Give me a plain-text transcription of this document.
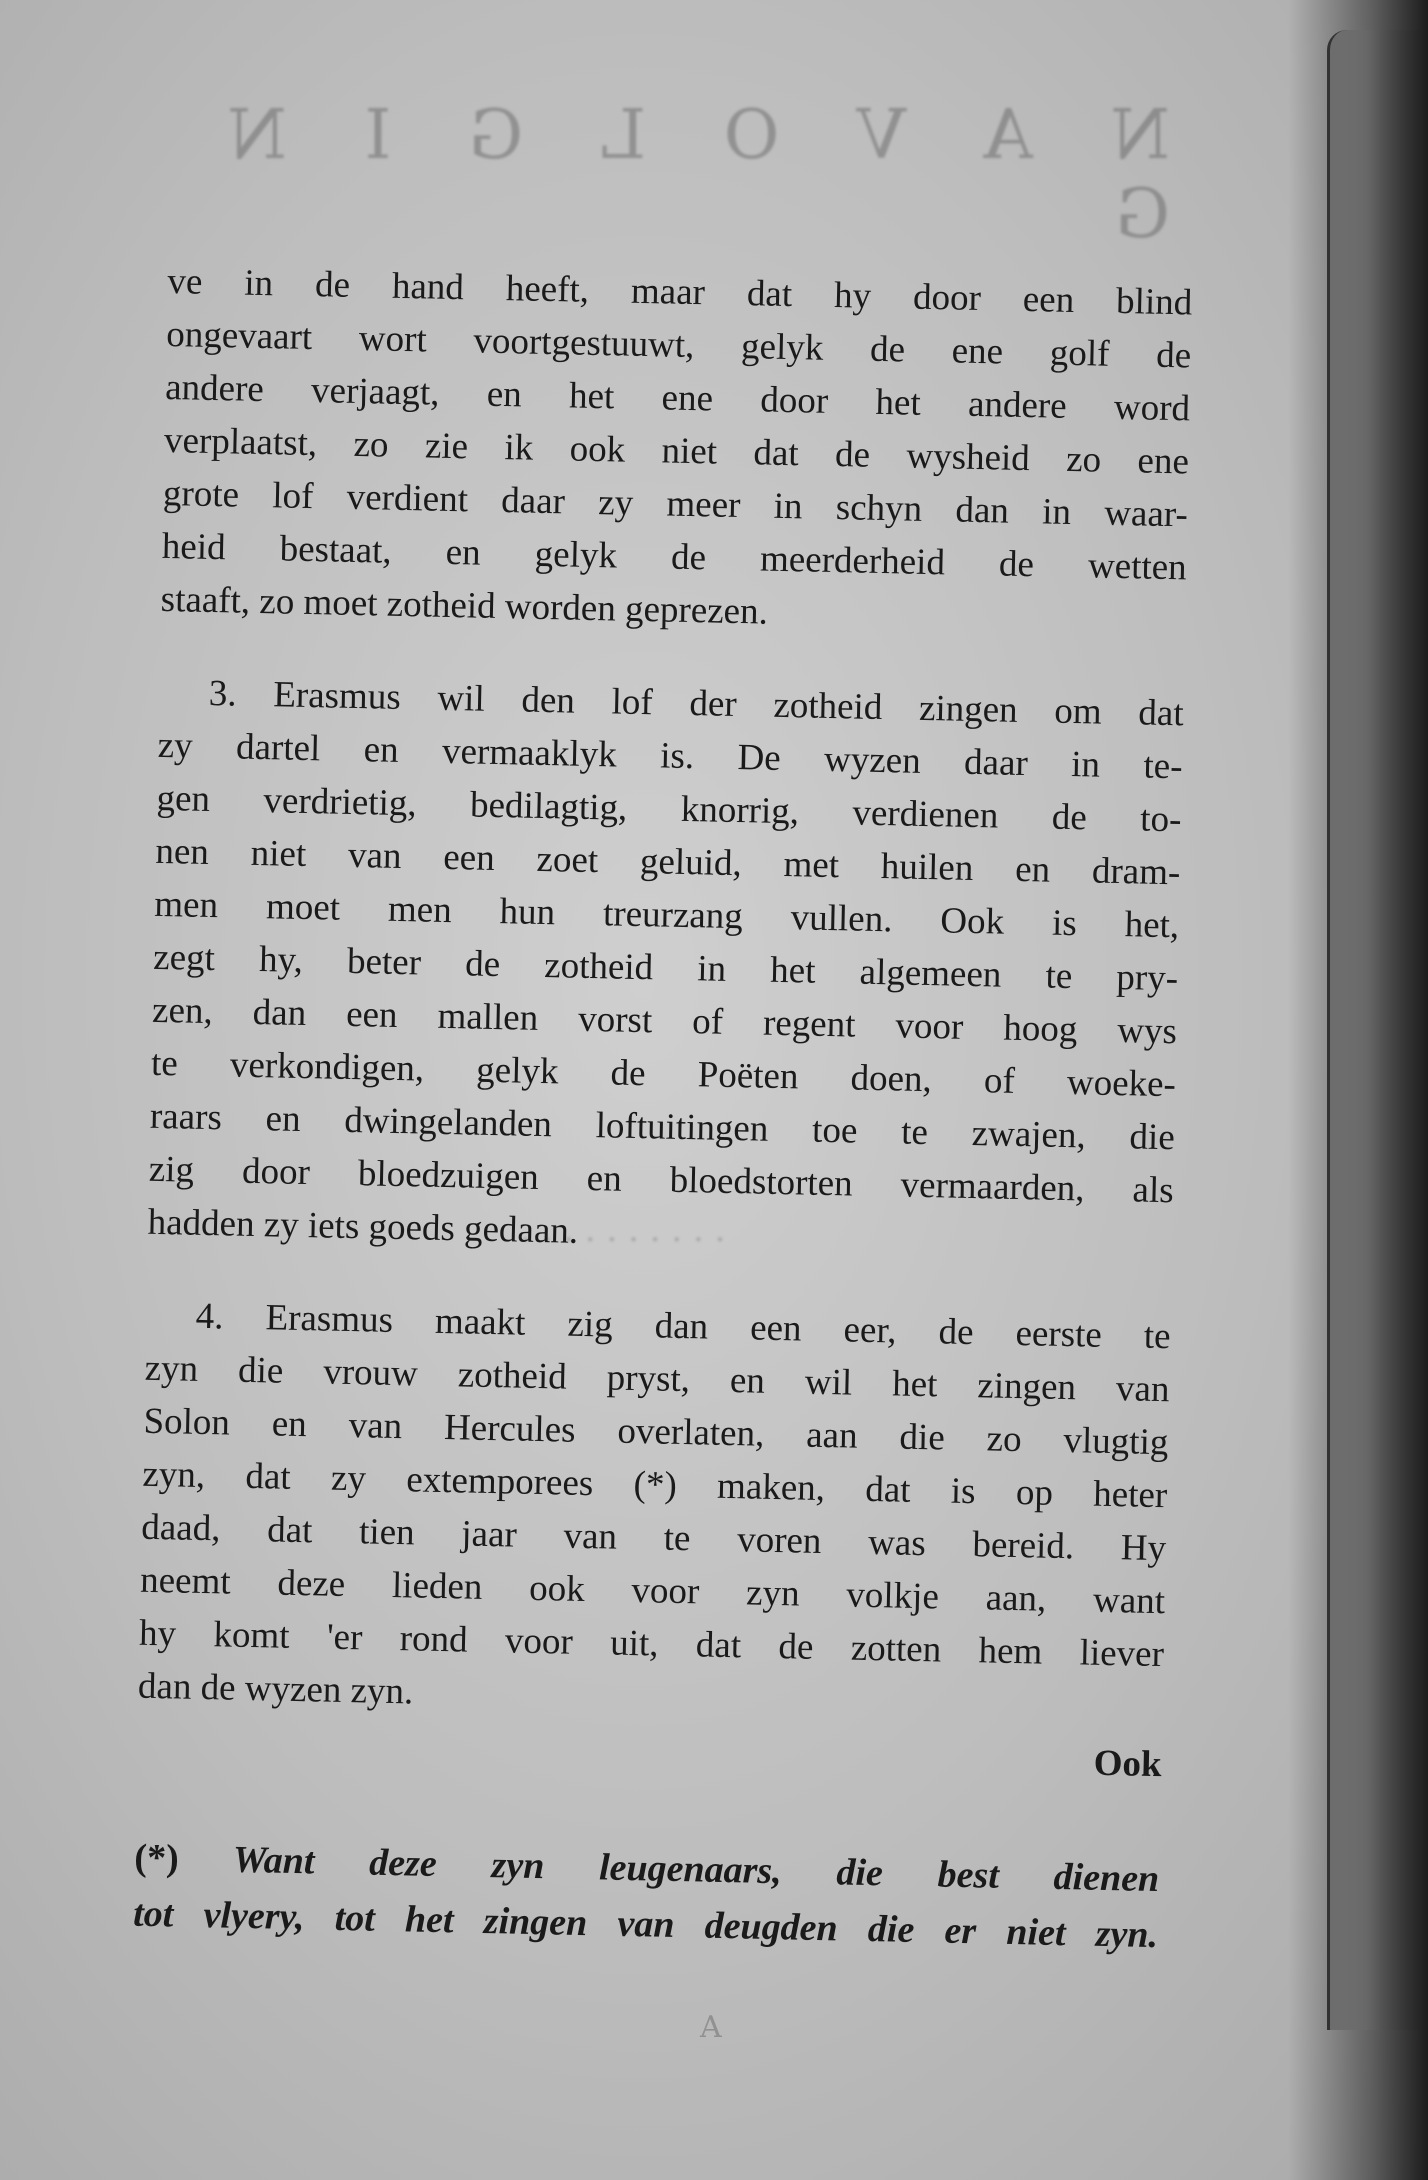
N A V O L G I N G
· · · · · · · · · ·
ve in de hand heeft, maar dat hy door een blind
ongevaart wort voortgestuuwt, gelyk de ene golf de
andere verjaagt, en het ene door het andere word
verplaatst, zo zie ik ook niet dat de wysheid zo ene
grote lof verdient daar zy meer in schyn dan in waar-
heid bestaat, en gelyk de meerderheid de wetten
staaft, zo moet zotheid worden geprezen.
3. Erasmus wil den lof der zotheid zingen om dat
zy dartel en vermaaklyk is. De wyzen daar in te-
gen verdrietig, bedilagtig, knorrig, verdienen de to-
nen niet van een zoet geluid, met huilen en dram-
men moet men hun treurzang vullen. Ook is het,
zegt hy, beter de zotheid in het algemeen te pry-
zen, dan een mallen vorst of regent voor hoog wys
te verkondigen, gelyk de Poëten doen, of woeke-
raars en dwingelanden loftuitingen toe te zwajen, die
zig door bloedzuigen en bloedstorten vermaarden, als
hadden zy iets goeds gedaan.
4. Erasmus maakt zig dan een eer, de eerste te
zyn die vrouw zotheid pryst, en wil het zingen van
Solon en van Hercules overlaten, aan die zo vlugtig
zyn, dat zy extemporees (*) maken, dat is op heter
daad, dat tien jaar van te voren was bereid. Hy
neemt deze lieden ook voor zyn volkje aan, want
hy komt 'er rond voor uit, dat de zotten hem liever
dan de wyzen zyn.
Ook
(*) Want deze zyn leugenaars, die best dienen
tot vlyery, tot het zingen van deugden die er niet zyn.
A
